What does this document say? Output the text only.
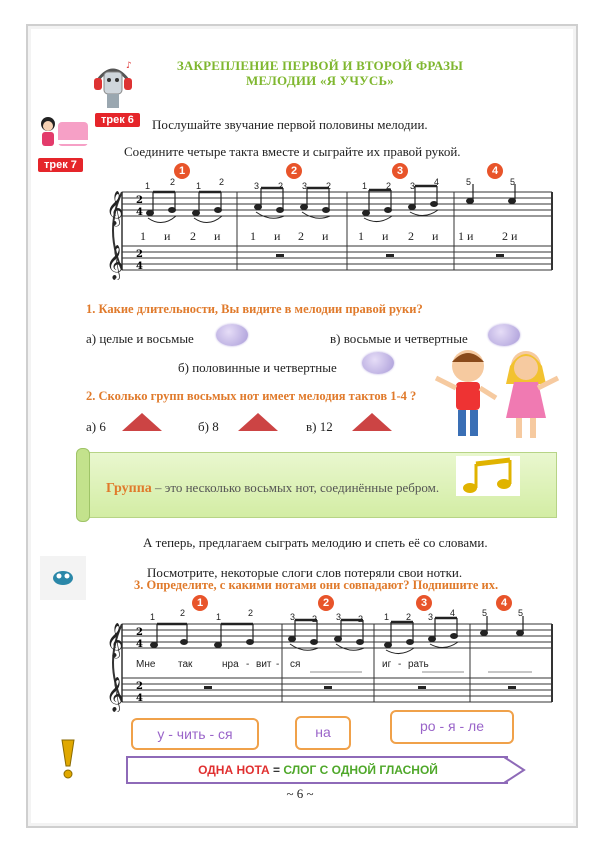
♪
трек 6
трек 7
ЗАКРЕПЛЕНИЕ ПЕРВОЙ И ВТОРОЙ ФРАЗЫ
МЕЛОДИИ «Я УЧУСЬ»
Послушайте звучание первой половины мелодии.
Соедините четыре такта вместе и сыграйте их правой рукой.
1	2	3	4
𝄞
𝄞
2
4
2
4
1 2 1 2	3 2 3 2	1 2 3 4	5	5
1 и 2 и 1 и 2 и 1 и 2 и 1 и 2 и
1. Какие длительности, Вы видите в мелодии правой руки?
а) целые и восьмые	в) восьмые и четвертные
б) половинные и четвертные
2. Сколько групп восьмых нот имеет мелодия тактов 1-4 ?
а) 6	б) 8	в) 12
Группа – это несколько восьмых нот, соединённые ребром.
А теперь, предлагаем сыграть мелодию и спеть её со словами.
Посмотрите, некоторые слоги слов потеряли свои нотки.
3. Определите, с какими нотами они совпадают? Подпишите их.
1	2	3	4
𝄞
𝄞
2
4
2
4
1	2	1	2	3 2 3 2 1 2 3 4	5	5
Мне так	нра - вит - ся	иг - рать
у - чить - ся	на	ро - я - ле
ОДНА НОТА = СЛОГ С ОДНОЙ ГЛАСНОЙ
~ 6 ~
